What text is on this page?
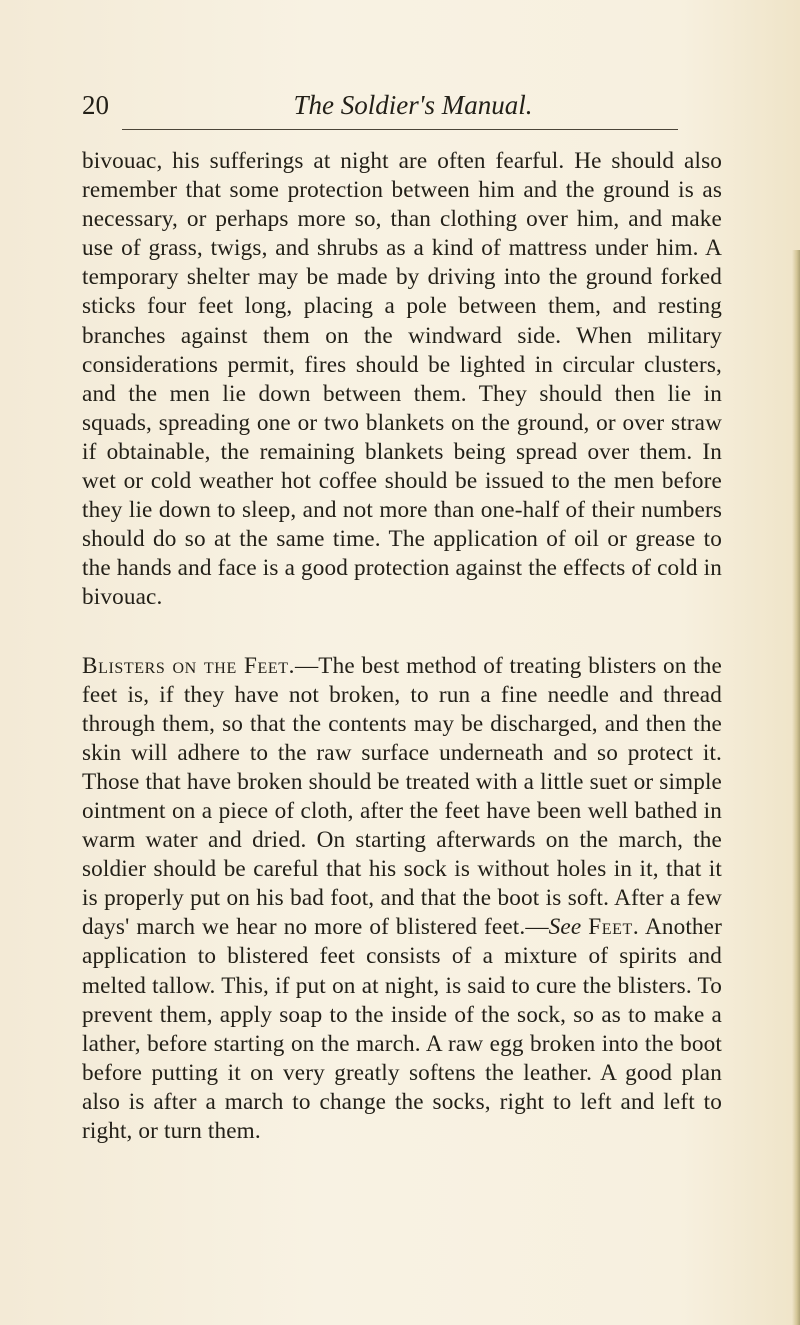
20	The Soldier's Manual.

bivouac, his sufferings at night are often fearful. He should also remember that some protection between him and the ground is as necessary, or perhaps more so, than clothing over him, and make use of grass, twigs, and shrubs as a kind of mattress under him. A temporary shelter may be made by driving into the ground forked sticks four feet long, placing a pole between them, and resting branches against them on the windward side. When military considerations permit, fires should be lighted in circular clusters, and the men lie down between them. They should then lie in squads, spreading one or two blankets on the ground, or over straw if obtainable, the remaining blankets being spread over them. In wet or cold weather hot coffee should be issued to the men before they lie down to sleep, and not more than one-half of their numbers should do so at the same time. The application of oil or grease to the hands and face is a good protection against the effects of cold in bivouac.

Blisters on the Feet.—The best method of treating blisters on the feet is, if they have not broken, to run a fine needle and thread through them, so that the contents may be discharged, and then the skin will adhere to the raw surface underneath and so protect it. Those that have broken should be treated with a little suet or simple ointment on a piece of cloth, after the feet have been well bathed in warm water and dried. On starting afterwards on the march, the soldier should be careful that his sock is without holes in it, that it is properly put on his bad foot, and that the boot is soft. After a few days' march we hear no more of blistered feet.—See Feet. Another application to blistered feet consists of a mixture of spirits and melted tallow. This, if put on at night, is said to cure the blisters. To prevent them, apply soap to the inside of the sock, so as to make a lather, before starting on the march. A raw egg broken into the boot before putting it on very greatly softens the leather. A good plan also is after a march to change the socks, right to left and left to right, or turn them.
